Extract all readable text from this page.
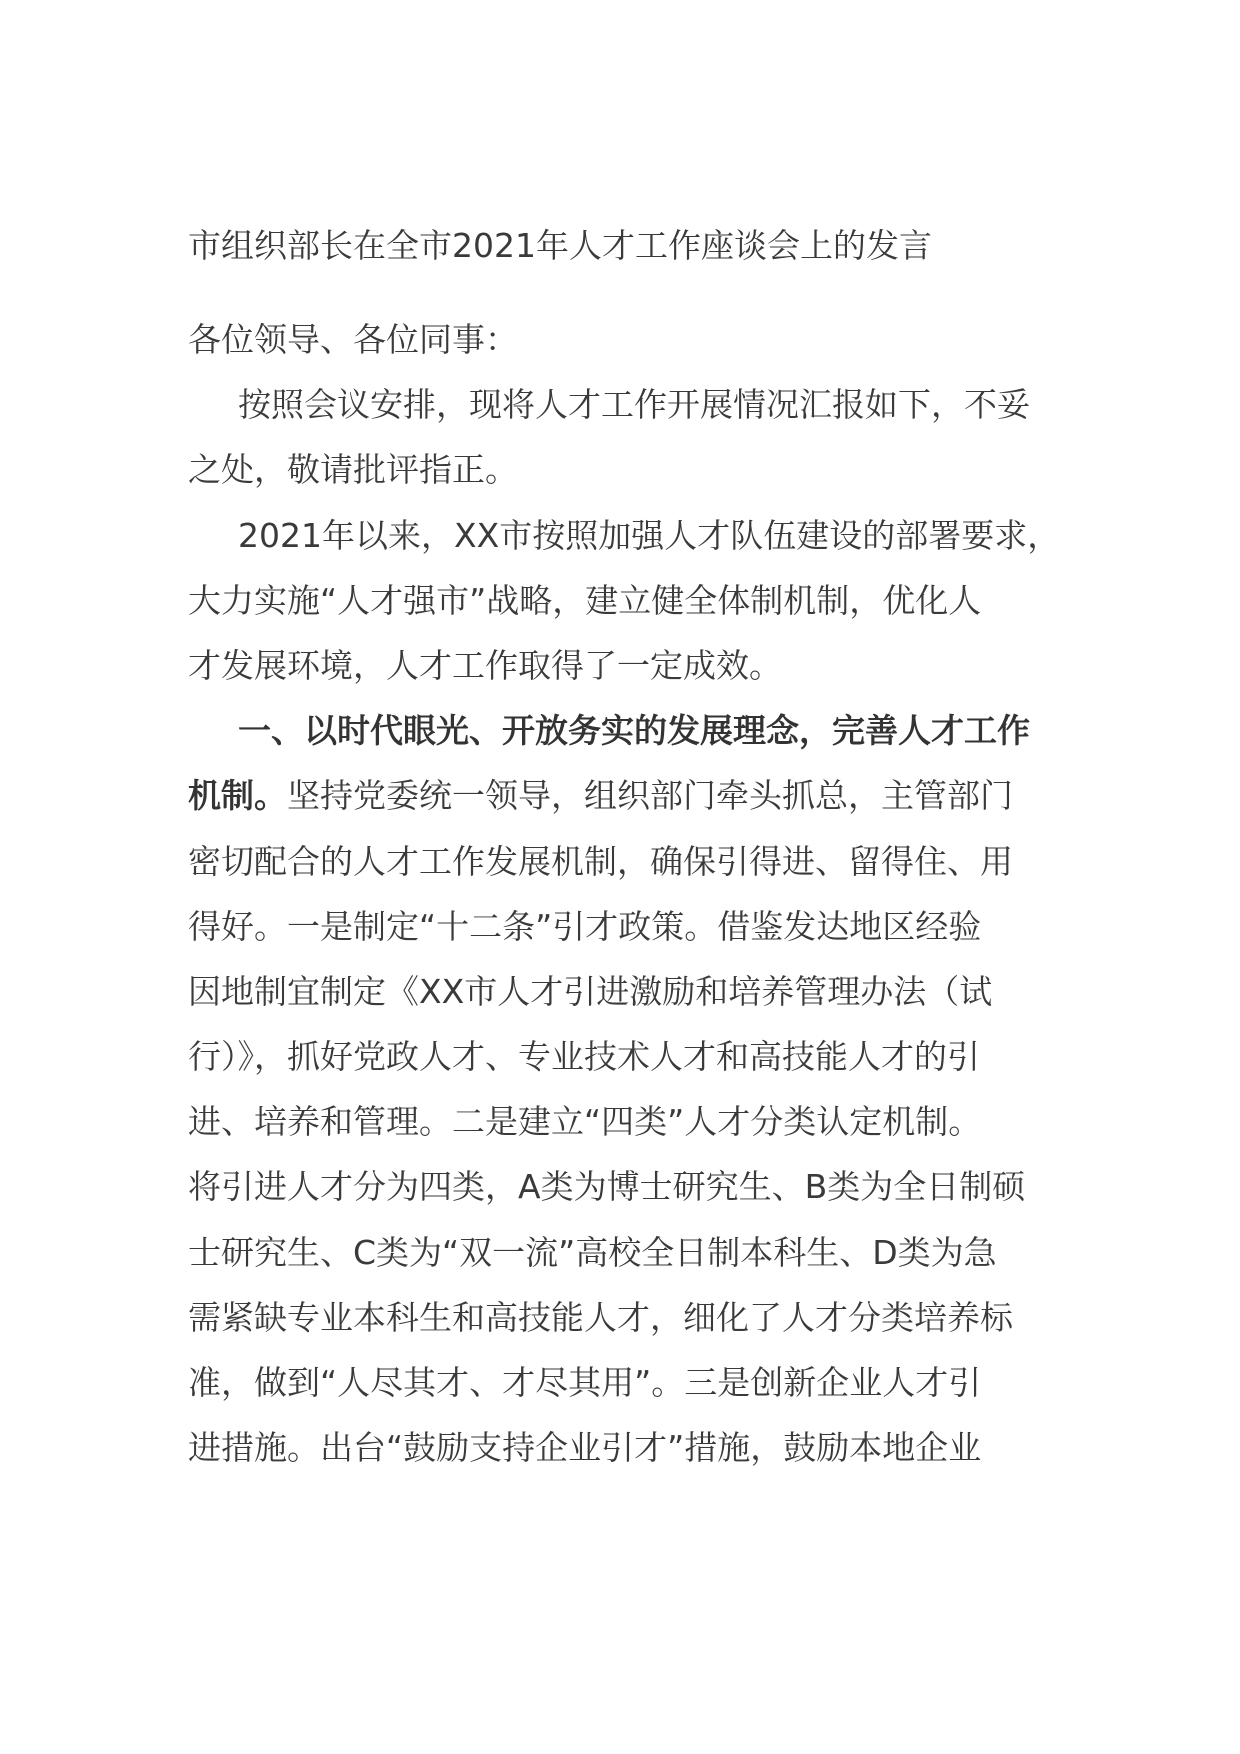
市组织部长在全市2021年人才工作座谈会上的发言
各位领导、各位同事：
按照会议安排，现将人才工作开展情况汇报如下，不妥
之处，敬请批评指正。
2021年以来，XX市按照加强人才队伍建设的部署要求，
大力实施“人才强市”战略，建立健全体制机制，优化人
才发展环境，人才工作取得了一定成效。
一、以时代眼光、开放务实的发展理念，完善人才工作
机制。坚持党委统一领导，组织部门牵头抓总，主管部门
密切配合的人才工作发展机制，确保引得进、留得住、用
得好。一是制定“十二条”引才政策。借鉴发达地区经验
因地制宜制定《XX市人才引进激励和培养管理办法（试
行）》，抓好党政人才、专业技术人才和高技能人才的引
进、培养和管理。二是建立“四类”人才分类认定机制。
将引进人才分为四类，A类为博士研究生、B类为全日制硕
士研究生、C类为“双一流”高校全日制本科生、D类为急
需紧缺专业本科生和高技能人才，细化了人才分类培养标
准，做到“人尽其才、才尽其用”。三是创新企业人才引
进措施。出台“鼓励支持企业引才”措施，鼓励本地企业
